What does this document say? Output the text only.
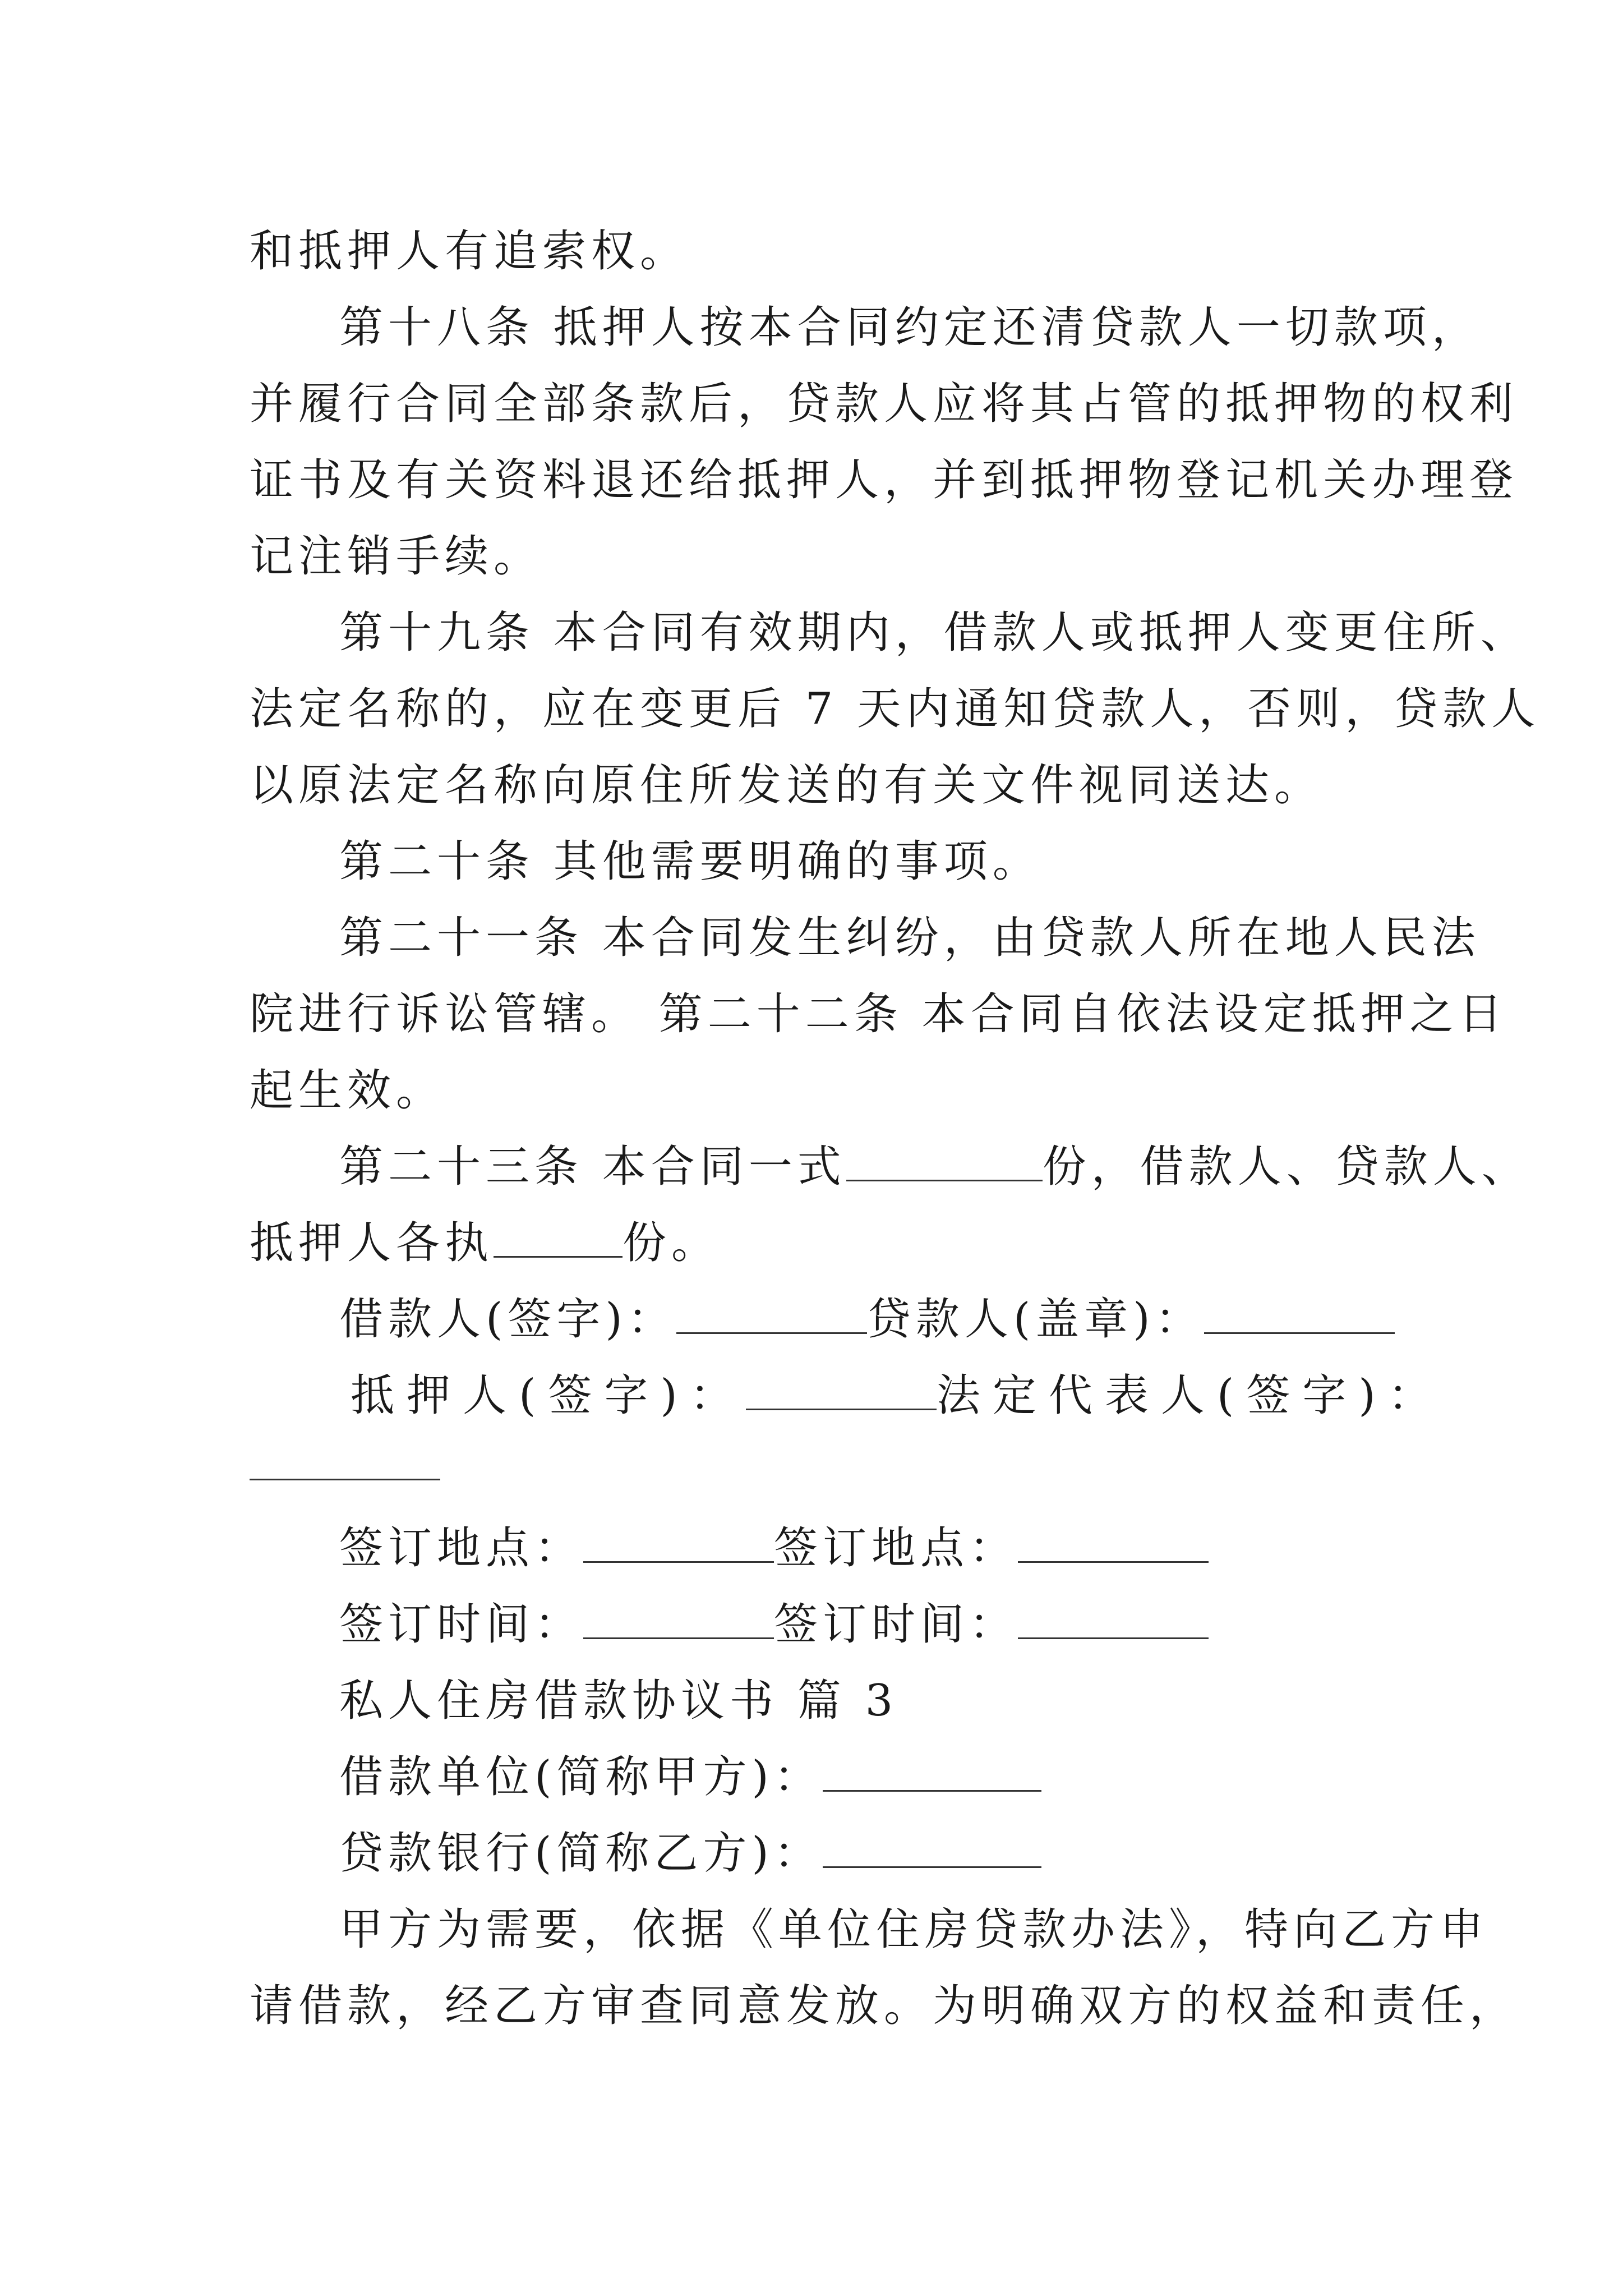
和抵押人有追索权。
第十八条 抵押人按本合同约定还清贷款人一切款项，
并履行合同全部条款后，贷款人应将其占管的抵押物的权利
证书及有关资料退还给抵押人，并到抵押物登记机关办理登
记注销手续。
第十九条 本合同有效期内，借款人或抵押人变更住所、
法定名称的，应在变更后 7 天内通知贷款人，否则，贷款人
以原法定名称向原住所发送的有关文件视同送达。
第二十条 其他需要明确的事项。
第二十一条 本合同发生纠纷，由贷款人所在地人民法
院进行诉讼管辖。 第二十二条 本合同自依法设定抵押之日
起生效。
第二十三条 本合同一式	份，借款人、贷款人、
抵押人各执	份。
借款人(签字)：	贷款人(盖章)：
抵押人(签字)：	法定代表人(签字)：
签订地点：	签订地点：
签订时间：	签订时间：
私人住房借款协议书 篇 3
借款单位(简称甲方)：
贷款银行(简称乙方)：
甲方为需要，依据《单位住房贷款办法》，特向乙方申
请借款，经乙方审查同意发放。为明确双方的权益和责任，
